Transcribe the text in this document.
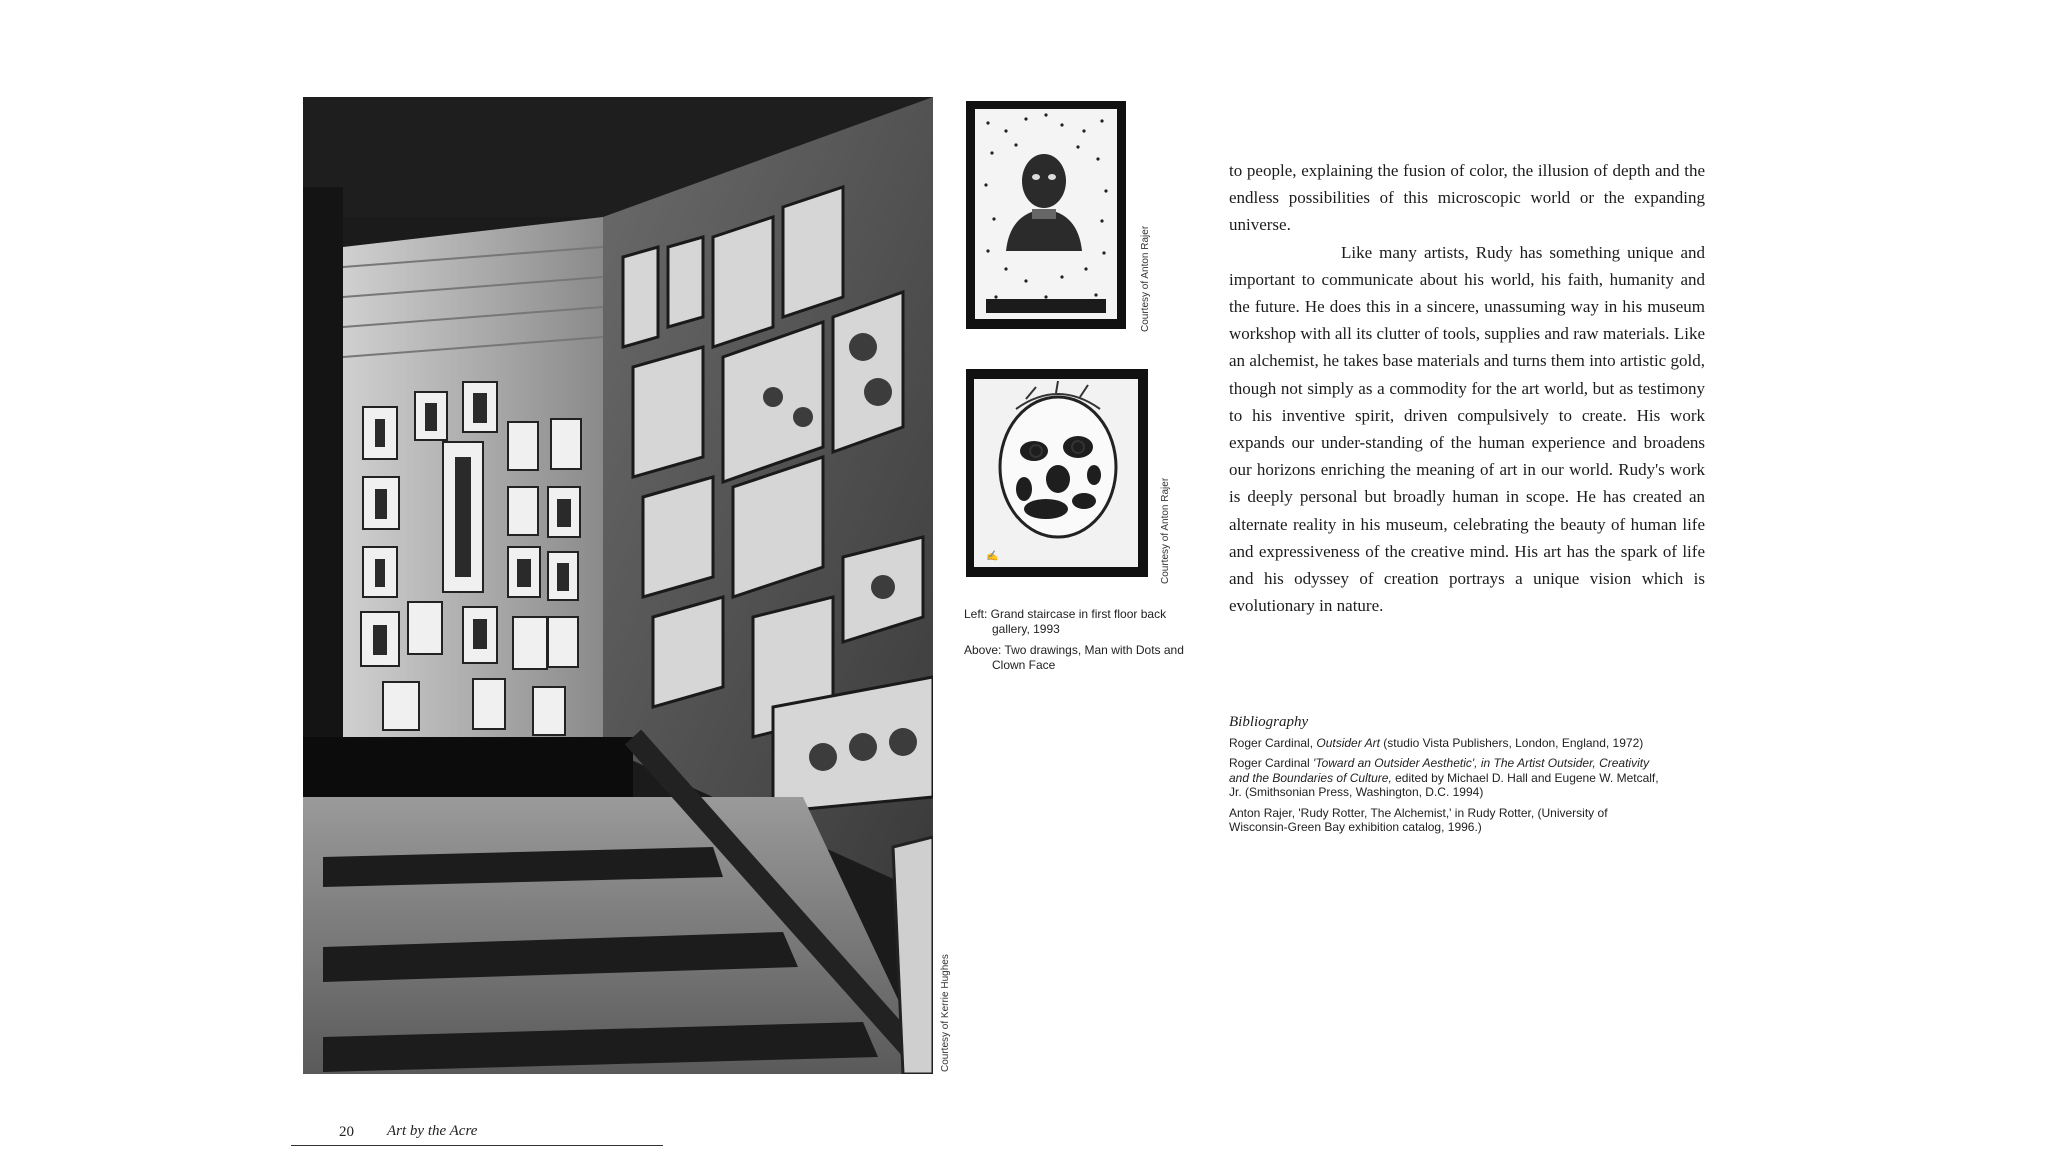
Courtesy of Kerrie Hughes
Courtesy of Anton Rajer
✍	Courtesy of Anton Rajer

Left: Grand staircase in first floor back gallery, 1993

Above: Two drawings, Man with Dots and Clown Face

to people, explaining the fusion of color, the illusion of depth and the endless possibilities of this microscopic world or the expanding universe.

Like many artists, Rudy has something unique and important to communicate about his world, his faith, humanity and the future. He does this in a sincere, unassuming way in his museum workshop with all its clutter of tools, supplies and raw materials. Like an alchemist, he takes base materials and turns them into artistic gold, though not simply as a commodity for the art world, but as testimony to his inventive spirit, driven compulsively to create. His work expands our under-standing of the human experience and broadens our horizons enriching the meaning of art in our world. Rudy's work is deeply personal but broadly human in scope. He has created an alternate reality in his museum, celebrating the beauty of human life and expressiveness of the creative mind. His art has the spark of life and his odyssey of creation portrays a unique vision which is evolutionary in nature.

Bibliography
Roger Cardinal, Outsider Art (studio Vista Publishers, London, England, 1972)
Roger Cardinal 'Toward an Outsider Aesthetic', in The Artist Outsider, Creativity and the Boundaries of Culture, edited by Michael D. Hall and Eugene W. Metcalf, Jr. (Smithsonian Press, Washington, D.C. 1994)
Anton Rajer, 'Rudy Rotter, The Alchemist,' in Rudy Rotter, (University of Wisconsin-Green Bay exhibition catalog, 1996.)
20 Art by the Acre
